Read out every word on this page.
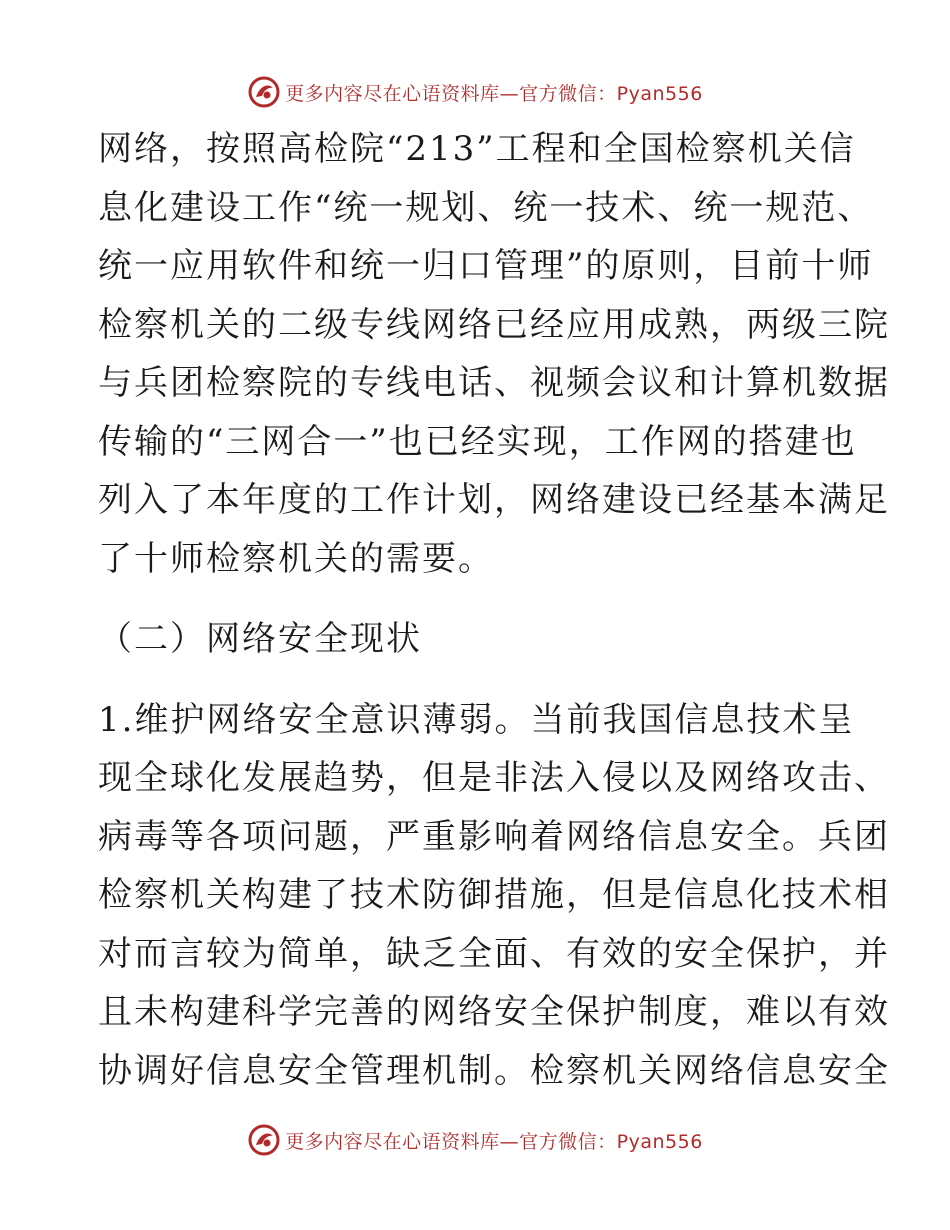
更多内容尽在心语资料库—官方微信：Pyan556
网络，按照高检院“213”工程和全国检察机关信
息化建设工作“统一规划、统一技术、统一规范、
统一应用软件和统一归口管理”的原则，目前十师
检察机关的二级专线网络已经应用成熟，两级三院
与兵团检察院的专线电话、视频会议和计算机数据
传输的“三网合一”也已经实现，工作网的搭建也
列入了本年度的工作计划，网络建设已经基本满足
了十师检察机关的需要。
（二）网络安全现状
1.维护网络安全意识薄弱。当前我国信息技术呈
现全球化发展趋势，但是非法入侵以及网络攻击、
病毒等各项问题，严重影响着网络信息安全。兵团
检察机关构建了技术防御措施，但是信息化技术相
对而言较为简单，缺乏全面、有效的安全保护，并
且未构建科学完善的网络安全保护制度，难以有效
协调好信息安全管理机制。检察机关网络信息安全
更多内容尽在心语资料库—官方微信：Pyan556
